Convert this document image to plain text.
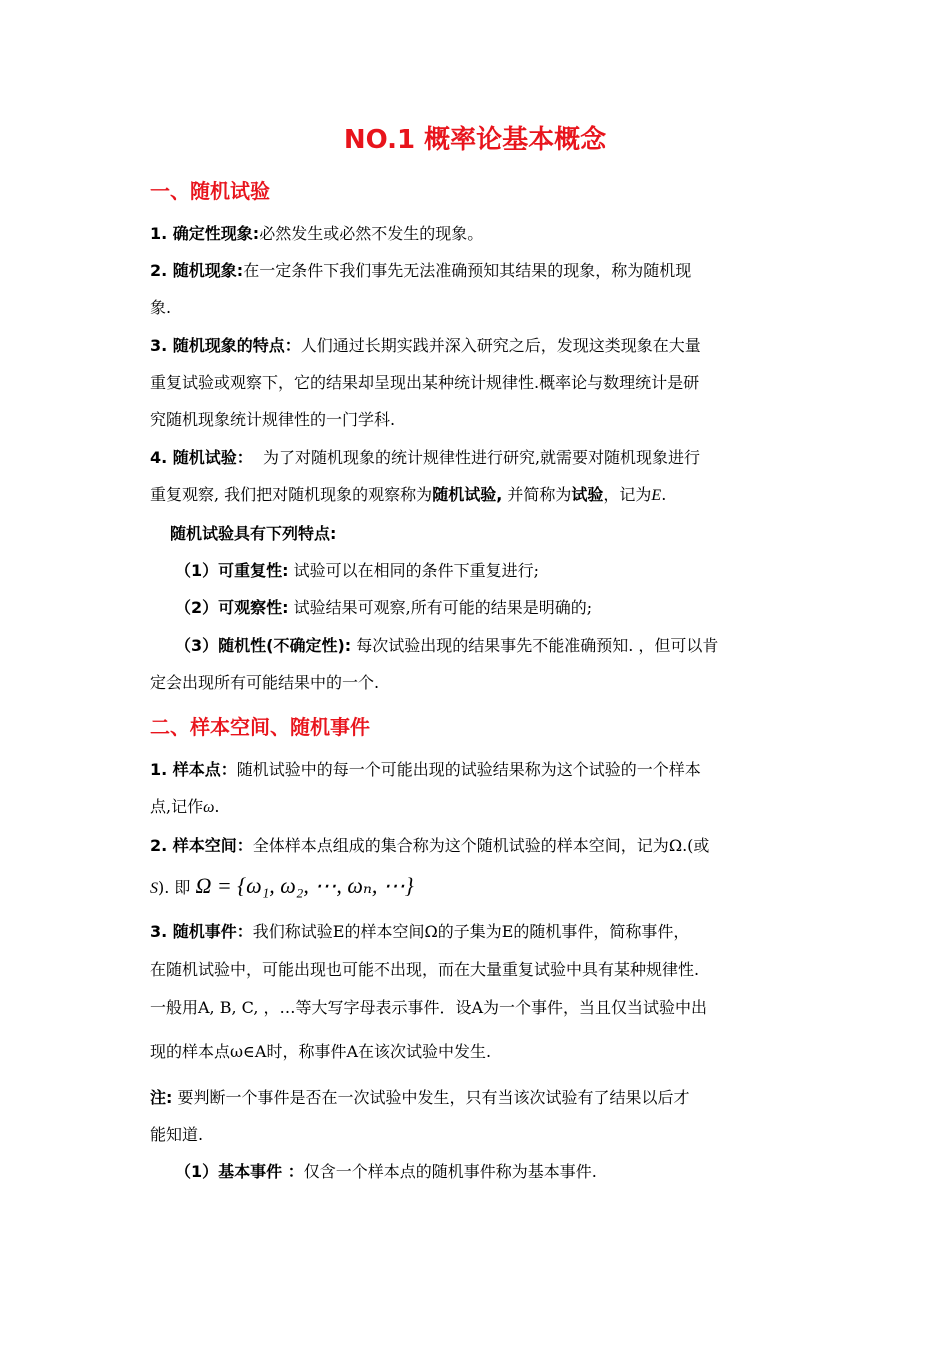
NO.1 概率论基本概念
一、随机试验
1. 确定性现象:必然发生或必然不发生的现象。
2. 随机现象:在一定条件下我们事先无法准确预知其结果的现象，称为随机现
象.
3. 随机现象的特点：人们通过长期实践并深入研究之后，发现这类现象在大量
重复试验或观察下，它的结果却呈现出某种统计规律性.概率论与数理统计是研
究随机现象统计规律性的一门学科.
4. 随机试验： 为了对随机现象的统计规律性进行研究,就需要对随机现象进行
重复观察, 我们把对随机现象的观察称为随机试验, 并简称为试验，记为E.
随机试验具有下列特点:
（1）可重复性: 试验可以在相同的条件下重复进行;
（2）可观察性: 试验结果可观察,所有可能的结果是明确的;
（3）随机性(不确定性): 每次试验出现的结果事先不能准确预知. ，但可以肯
定会出现所有可能结果中的一个.
二、样本空间、随机事件
1. 样本点：随机试验中的每一个可能出现的试验结果称为这个试验的一个样本
点,记作ω.
2. 样本空间：全体样本点组成的集合称为这个随机试验的样本空间，记为Ω.(或
S). 即 Ω = {ω₁, ω₂, ⋯, ωₙ, ⋯}
3. 随机事件：我们称试验E的样本空间Ω的子集为E的随机事件，简称事件，
在随机试验中，可能出现也可能不出现，而在大量重复试验中具有某种规律性.
一般用A, B, C, ，…等大写字母表示事件．设A为一个事件，当且仅当试验中出
现的样本点ω∈A时，称事件A在该次试验中发生.
注: 要判断一个事件是否在一次试验中发生，只有当该次试验有了结果以后才
能知道.
（1）基本事件 ：仅含一个样本点的随机事件称为基本事件.
